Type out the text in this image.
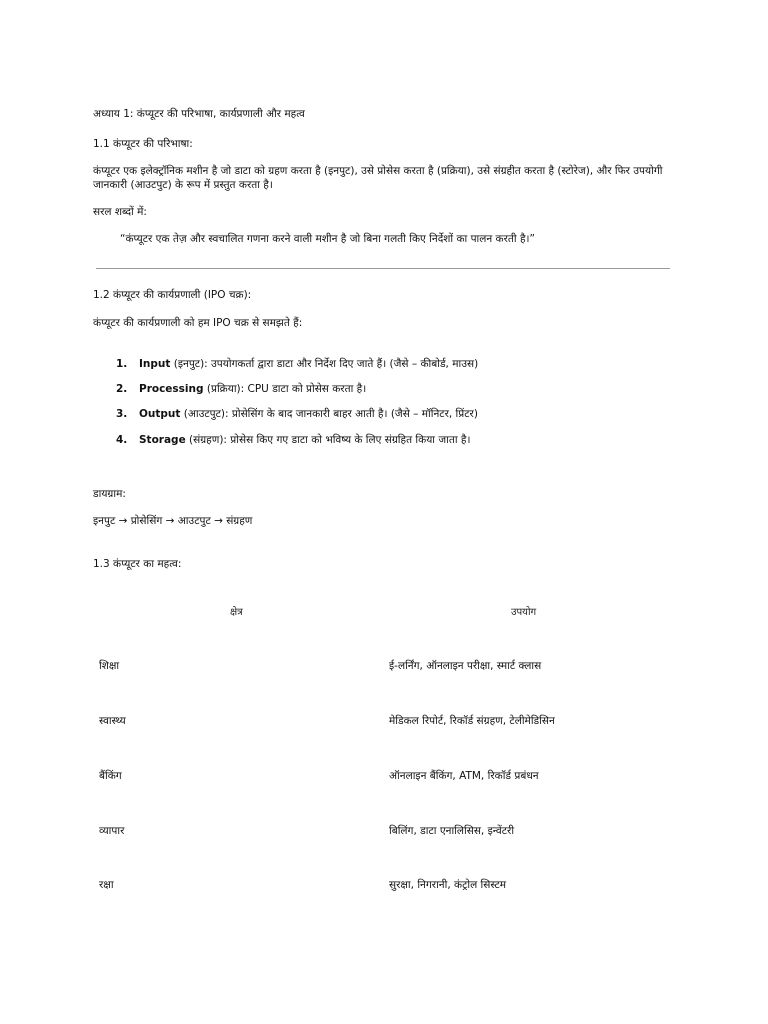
अध्याय 1: कंप्यूटर की परिभाषा, कार्यप्रणाली और महत्व
1.1 कंप्यूटर की परिभाषा:
कंप्यूटर एक इलेक्ट्रॉनिक मशीन है जो डाटा को ग्रहण करता है (इनपुट), उसे प्रोसेस करता है (प्रक्रिया), उसे संग्रहीत करता है (स्टोरेज), और फिर उपयोगी जानकारी (आउटपुट) के रूप में प्रस्तुत करता है।
सरल शब्दों में:
“कंप्यूटर एक तेज़ और स्वचालित गणना करने वाली मशीन है जो बिना गलती किए निर्देशों का पालन करती है।”
1.2 कंप्यूटर की कार्यप्रणाली (IPO चक्र):
कंप्यूटर की कार्यप्रणाली को हम IPO चक्र से समझते हैं:
1. Input (इनपुट): उपयोगकर्ता द्वारा डाटा और निर्देश दिए जाते हैं। (जैसे – कीबोर्ड, माउस)
2. Processing (प्रक्रिया): CPU डाटा को प्रोसेस करता है।
3. Output (आउटपुट): प्रोसेसिंग के बाद जानकारी बाहर आती है। (जैसे – मॉनिटर, प्रिंटर)
4. Storage (संग्रहण): प्रोसेस किए गए डाटा को भविष्य के लिए संग्रहित किया जाता है।
डायग्राम:
इनपुट → प्रोसेसिंग → आउटपुट → संग्रहण
1.3 कंप्यूटर का महत्व:
क्षेत्र	उपयोग
शिक्षा	ई-लर्निंग, ऑनलाइन परीक्षा, स्मार्ट क्लास
स्वास्थ्य	मेडिकल रिपोर्ट, रिकॉर्ड संग्रहण, टेलीमेडिसिन
बैंकिंग	ऑनलाइन बैंकिंग, ATM, रिकॉर्ड प्रबंधन
व्यापार	बिलिंग, डाटा एनालिसिस, इन्वेंटरी
रक्षा	सुरक्षा, निगरानी, कंट्रोल सिस्टम
